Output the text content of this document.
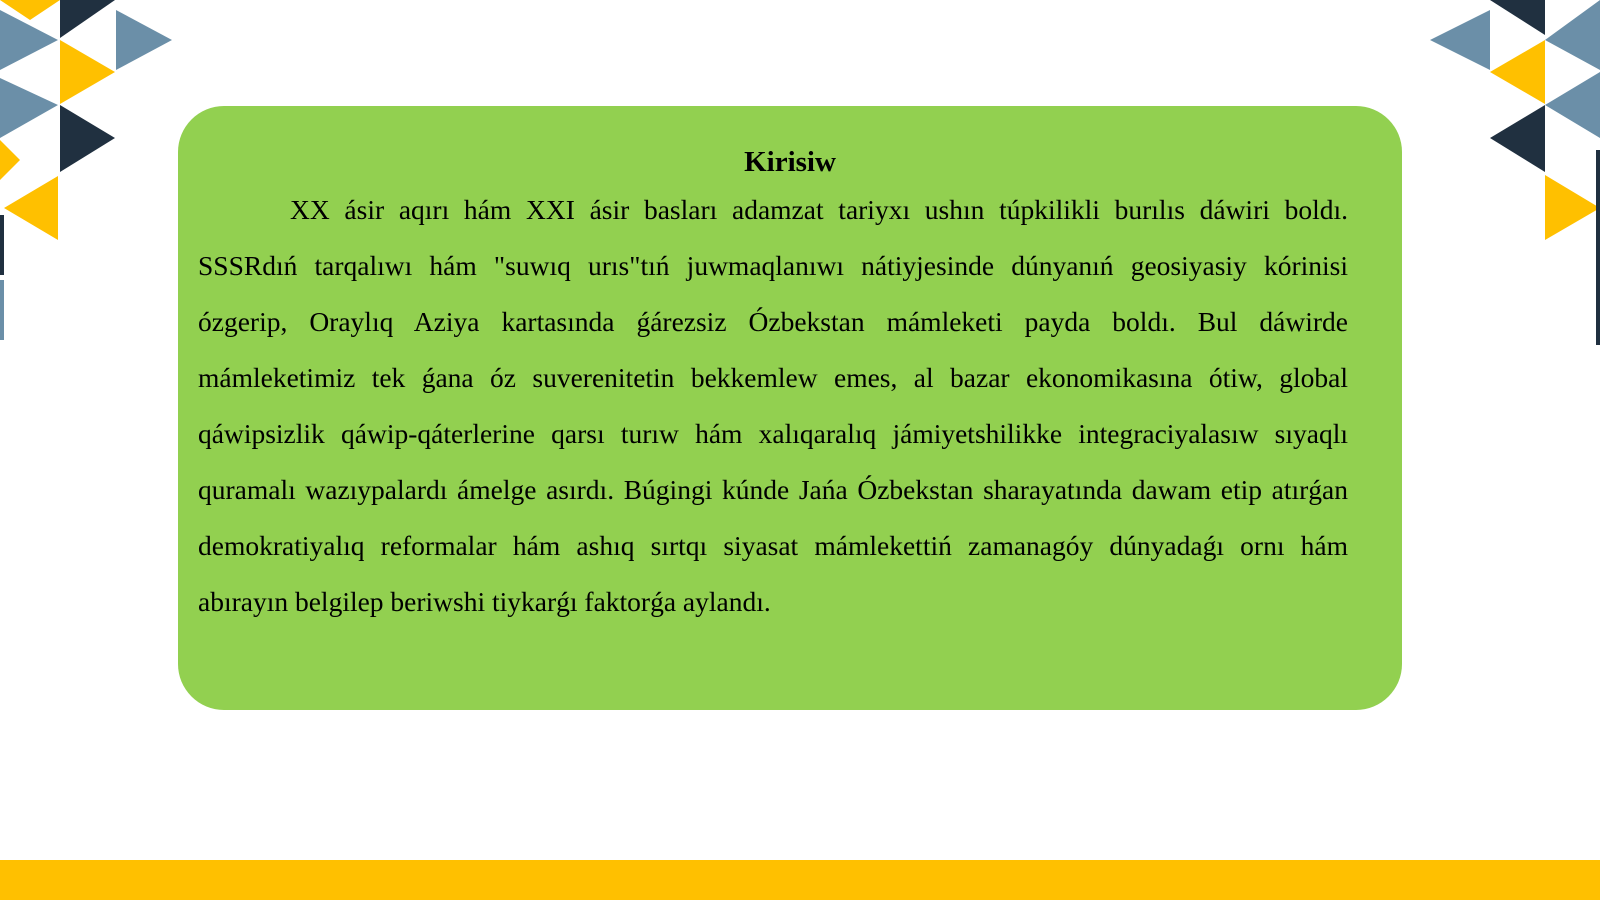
Kirisiw

XX ásir aqırı hám XXI ásir basları adamzat tariyxı ushın túpkilikli burılıs dáwiri boldı. SSSRdıń tarqalıwı hám "suwıq urıs"tıń juwmaqlanıwı nátiyjesinde dúnyanıń geosiyasiy kórinisi ózgerip, Oraylıq Aziya kartasında ǵárezsiz Ózbekstan mámleketi payda boldı. Bul dáwirde mámleketimiz tek ǵana óz suverenitetin bekkemlew emes, al bazar ekonomikasına ótiw, global qáwipsizlik qáwip-qáterlerine qarsı turıw hám xalıqaralıq jámiyetshilikke integraciyalasıw sıyaqlı quramalı wazıypalardı ámelge asırdı. Búgingi kúnde Jańa Ózbekstan sharayatında dawam etip atırǵan demokratiyalıq reformalar hám ashıq sırtqı siyasat mámlekettiń zamanagóy dúnyadaǵı ornı hám abırayın belgilep beriwshi tiykarǵı faktorǵa aylandı.
